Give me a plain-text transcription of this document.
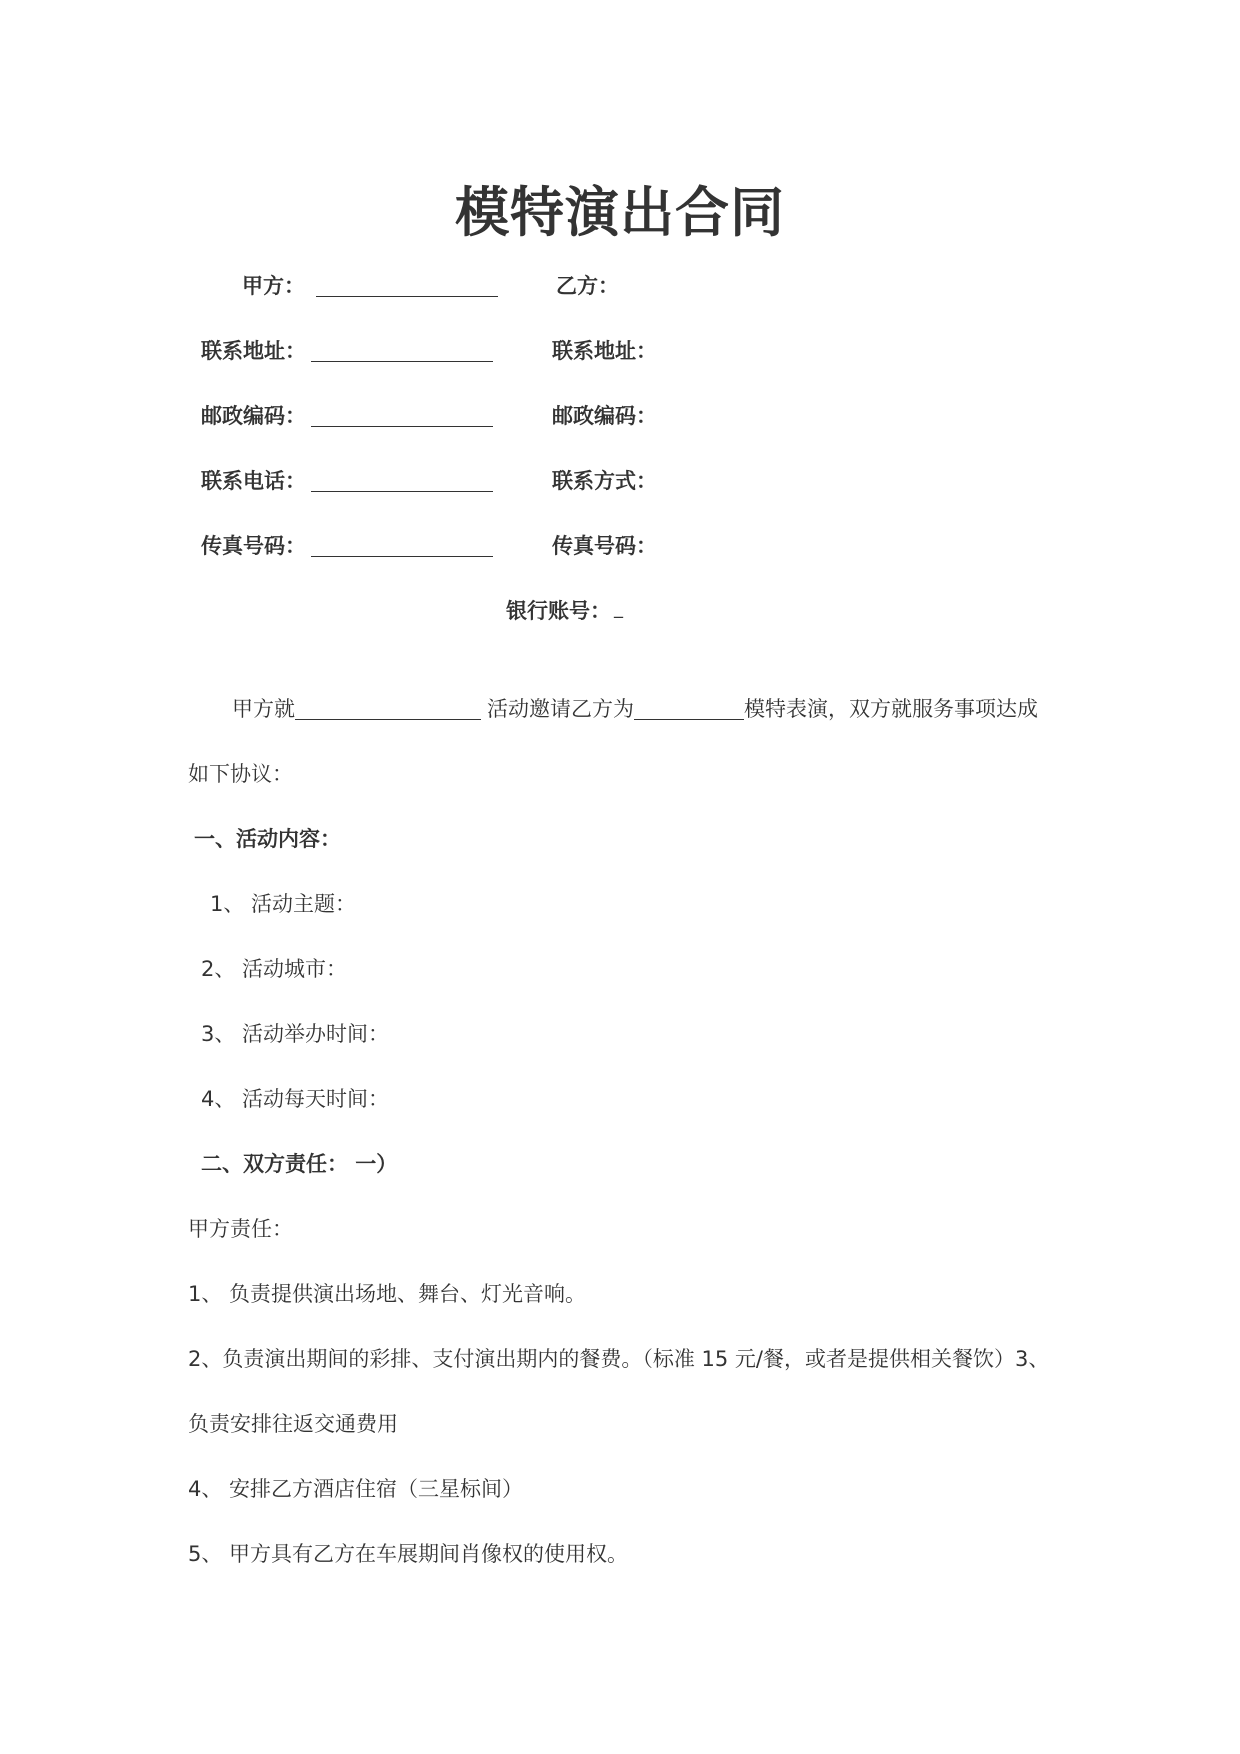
模特演出合同
甲方：	乙方：
联系地址：	联系地址：
邮政编码：	邮政编码：
联系电话：	联系方式：
传真号码：	传真号码：
银行账号： _
甲方就	活动邀请乙方为	模特表演，双方就服务事项达成
如下协议：
一、活动内容：
1、 活动主题：
2、 活动城市：
3、 活动举办时间：
4、 活动每天时间：
二、双方责任： 一）
甲方责任：
1、 负责提供演出场地、舞台、灯光音响。
2、负责演出期间的彩排、支付演出期内的餐费。（标准 15 元/餐，或者是提供相关餐饮）3、
负责安排往返交通费用
4、 安排乙方酒店住宿（三星标间）
5、 甲方具有乙方在车展期间肖像权的使用权。
